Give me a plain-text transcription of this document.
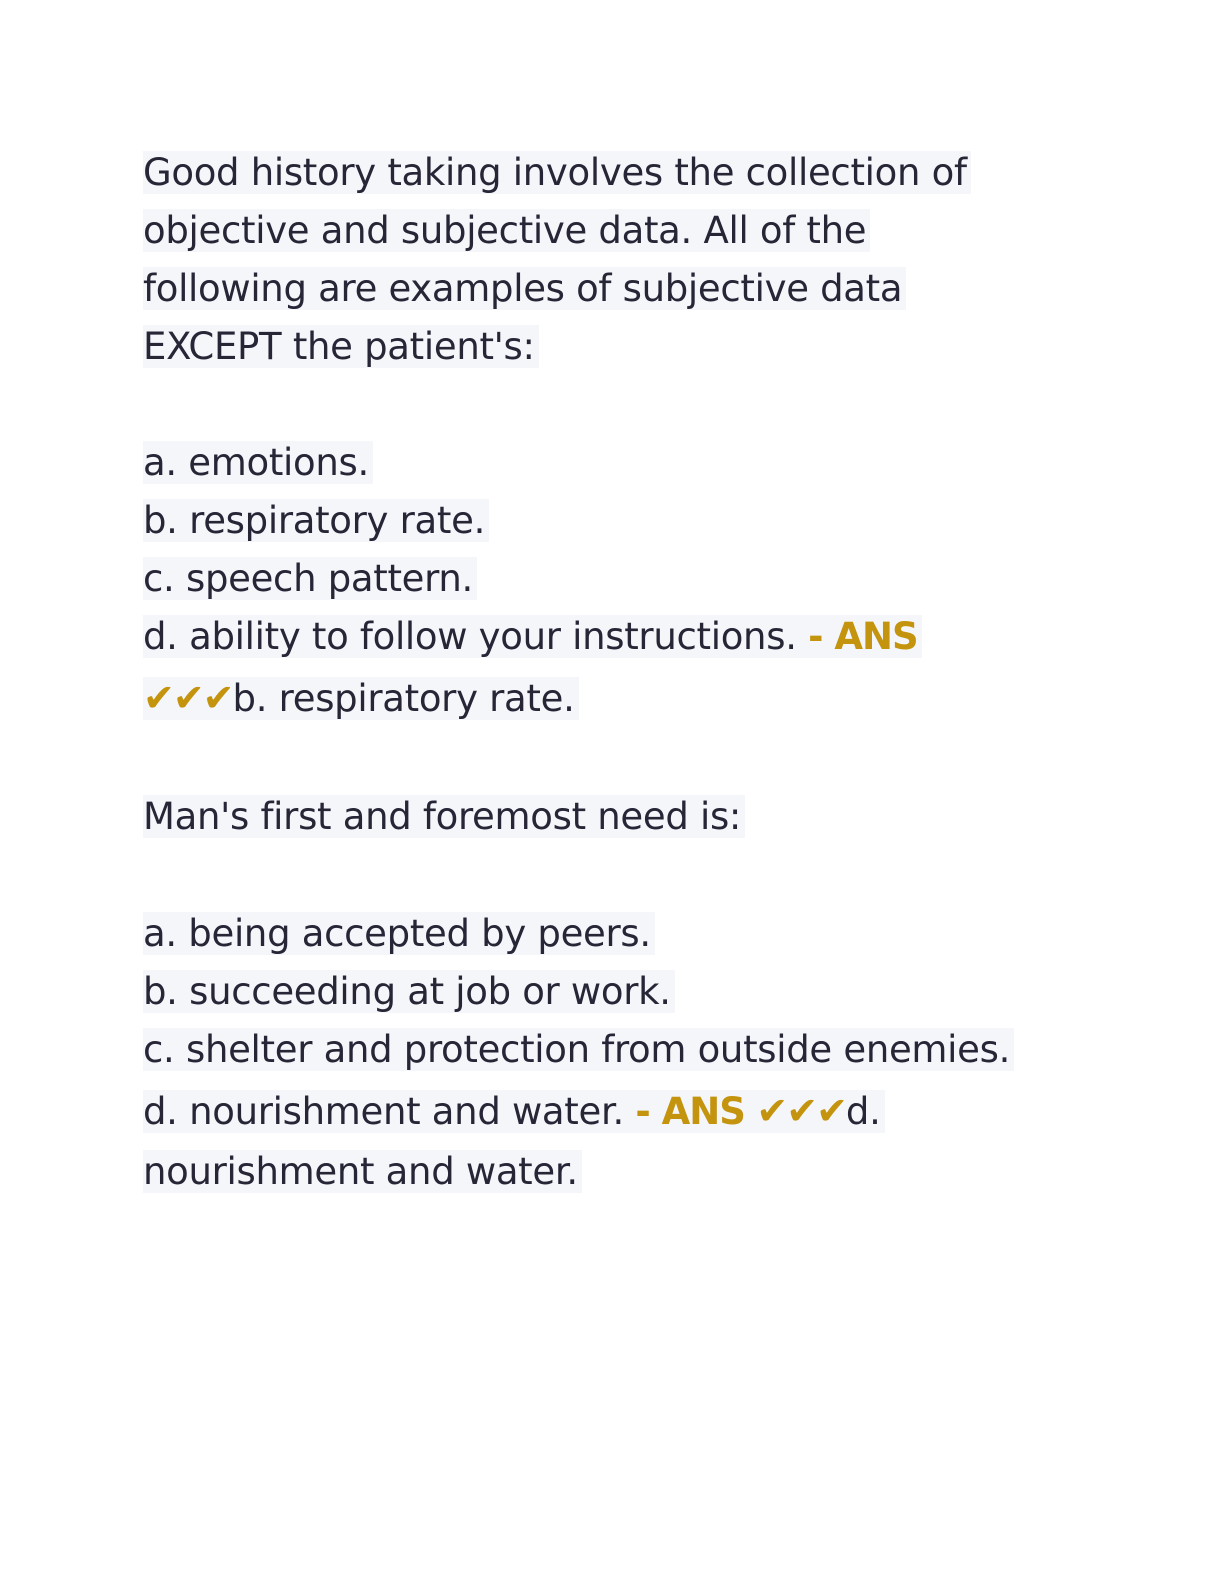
Good history taking involves the collection of
objective and subjective data. All of the
following are examples of subjective data
EXCEPT the patient's:
a. emotions.
b. respiratory rate.
c. speech pattern.
d. ability to follow your instructions. - ANS
✔✔✔b. respiratory rate.
Man's first and foremost need is:
a. being accepted by peers.
b. succeeding at job or work.
c. shelter and protection from outside enemies.
d. nourishment and water. - ANS ✔✔✔d.
nourishment and water.
